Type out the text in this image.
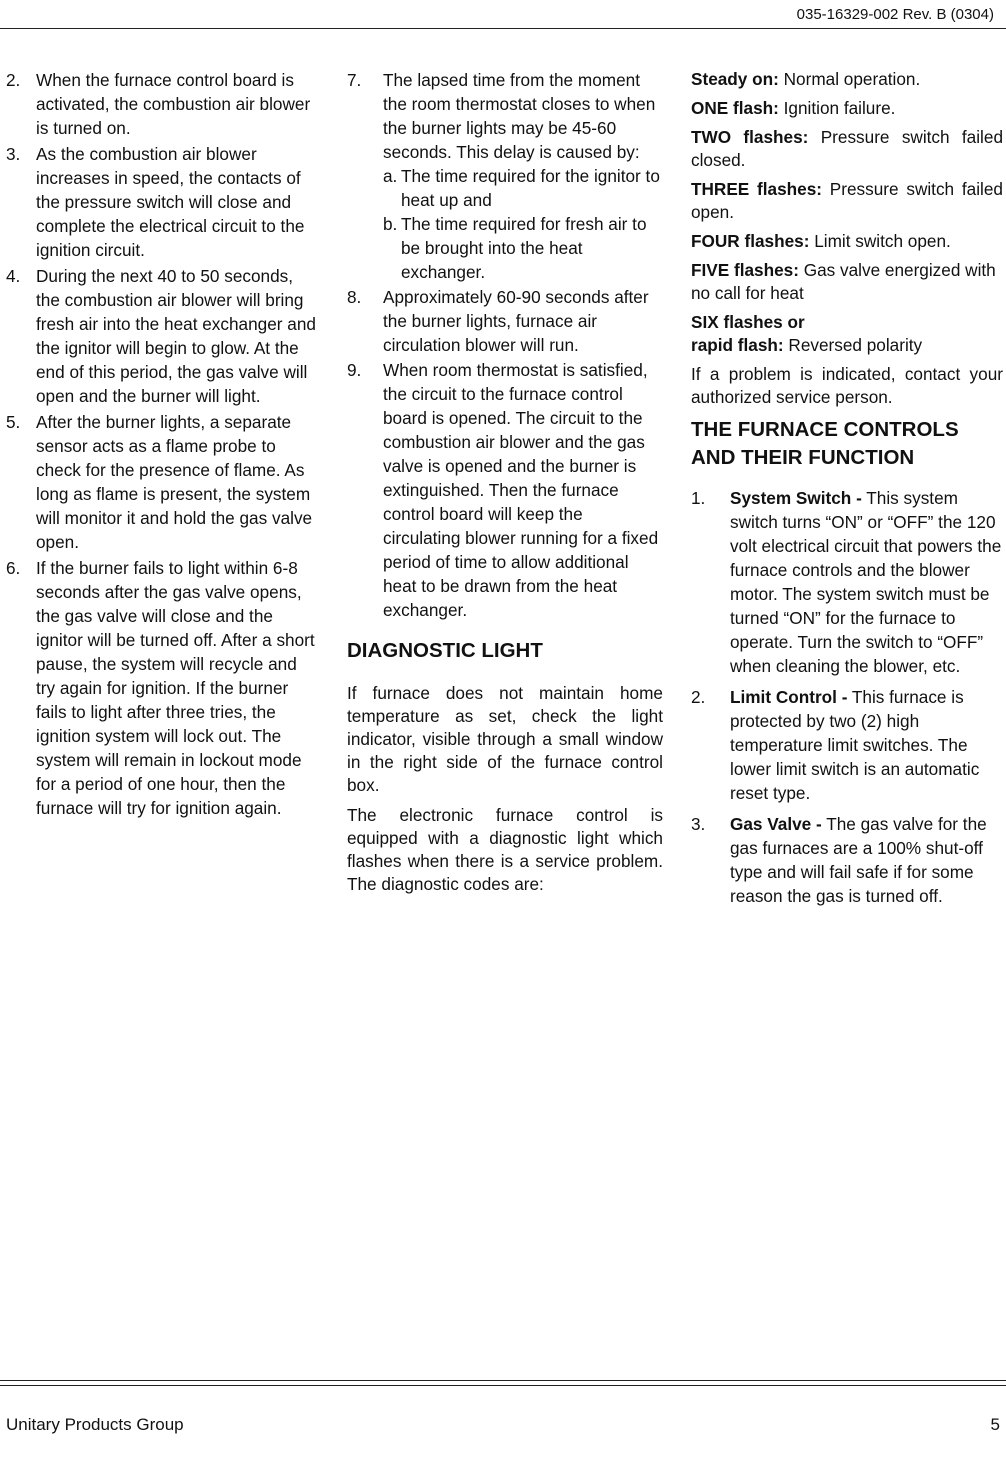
035-16329-002 Rev. B (0304)
2. When the furnace control board is activated, the combustion air blower is turned on.
3. As the combustion air blower increases in speed, the contacts of the pressure switch will close and complete the electrical circuit to the ignition circuit.
4. During the next 40 to 50 seconds, the combustion air blower will bring fresh air into the heat exchanger and the ignitor will begin to glow. At the end of this period, the gas valve will open and the burner will light.
5. After the burner lights, a separate sensor acts as a flame probe to check for the presence of flame. As long as flame is present, the system will monitor it and hold the gas valve open.
6. If the burner fails to light within 6-8 seconds after the gas valve opens, the gas valve will close and the ignitor will be turned off. After a short pause, the system will recycle and try again for ignition. If the burner fails to light after three tries, the ignition system will lock out. The system will remain in lockout mode for a period of one hour, then the furnace will try for ignition again.
7.	The lapsed time from the moment the room thermostat closes to when the burner lights may be 45-60 seconds. This delay is caused by:
a. The time required for the ignitor to heat up and
b. The time required for fresh air to be brought into the heat exchanger.
8.	Approximately 60-90 seconds after the burner lights, furnace air circulation blower will run.
9.	When room thermostat is satisfied, the circuit to the furnace control board is opened. The circuit to the combustion air blower and the gas valve is opened and the burner is extinguished. Then the furnace control board will keep the circulating blower running for a fixed period of time to allow additional heat to be drawn from the heat exchanger.
DIAGNOSTIC LIGHT
If furnace does not maintain home temperature as set, check the light indicator, visible through a small window in the right side of the furnace control box.
The electronic furnace control is equipped with a diagnostic light which flashes when there is a service problem. The diagnostic codes are:
Steady on: Normal operation.
ONE flash: Ignition failure.
TWO flashes: Pressure switch failed closed.
THREE flashes: Pressure switch failed open.
FOUR flashes: Limit switch open.
FIVE flashes: Gas valve energized with no call for heat
SIX flashes or
rapid flash: Reversed polarity
If a problem is indicated, contact your authorized service person.
THE FURNACE CONTROLS AND THEIR FUNCTION
1.	System Switch - This system switch turns “ON” or “OFF” the 120 volt electrical circuit that powers the furnace controls and the blower motor. The system switch must be turned “ON” for the furnace to operate. Turn the switch to “OFF” when cleaning the blower, etc.
2.	Limit Control - This furnace is protected by two (2) high temperature limit switches. The lower limit switch is an automatic reset type.
3.	Gas Valve - The gas valve for the gas furnaces are a 100% shut-off type and will fail safe if for some reason the gas is turned off.
Unitary Products Group	5
